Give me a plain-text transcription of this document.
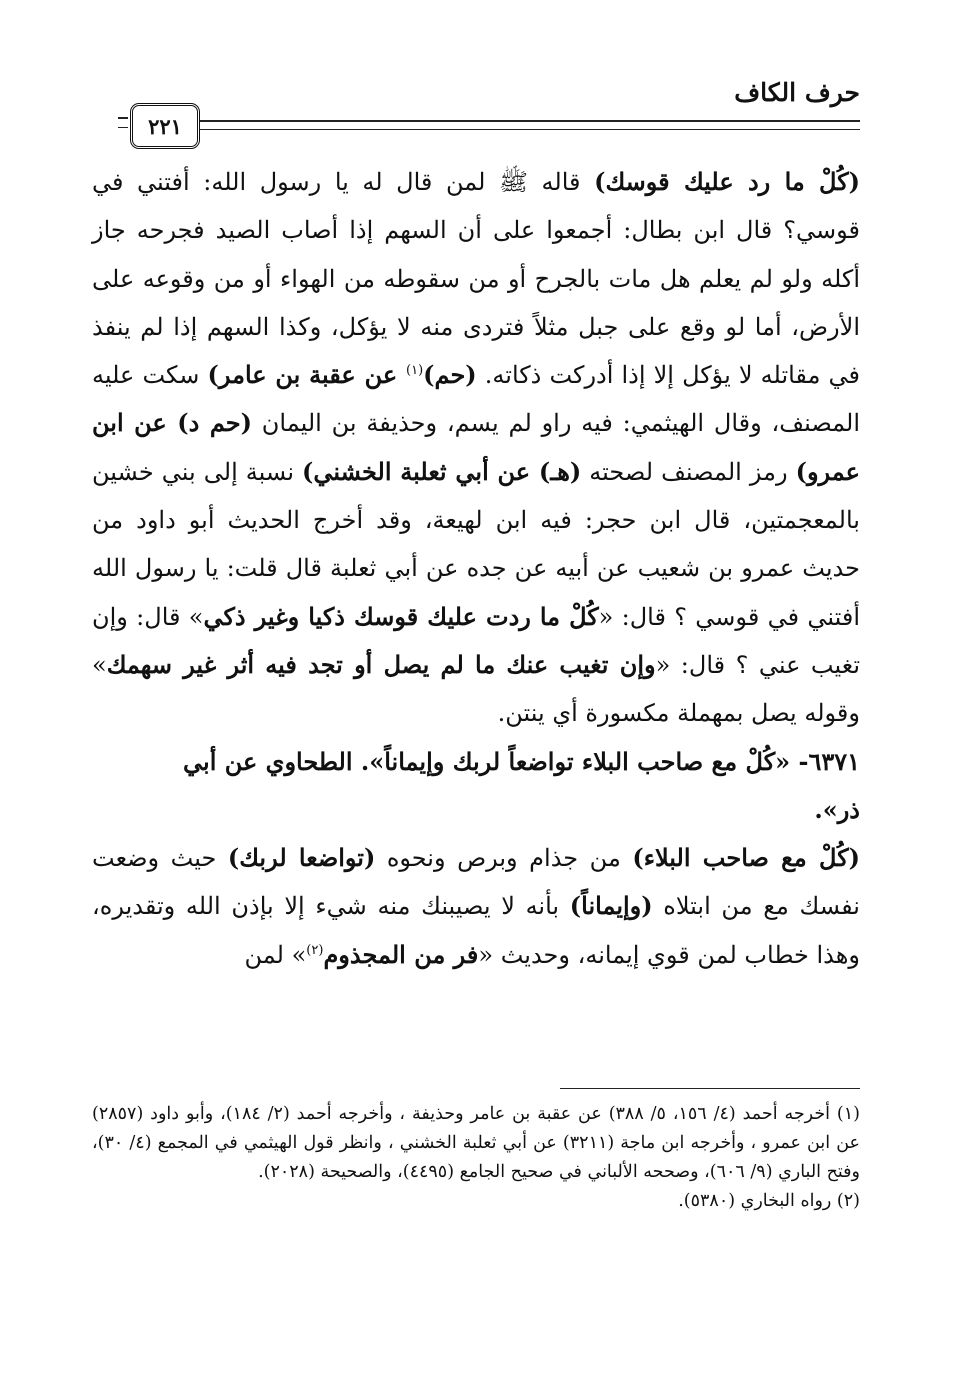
حرف الكاف
٢٢١

(كُلْ ما رد عليك قوسك) قاله ﷺ لمن قال له يا رسول الله: أفتني في قوسي؟ قال ابن بطال: أجمعوا على أن السهم إذا أصاب الصيد فجرحه جاز أكله ولو لم يعلم هل مات بالجرح أو من سقوطه من الهواء أو من وقوعه على الأرض، أما لو وقع على جبل مثلاً فتردى منه لا يؤكل، وكذا السهم إذا لم ينفذ في مقاتله لا يؤكل إلا إذا أدركت ذكاته. (حم)$^{(١)}$ عن عقبة بن عامر) سكت عليه المصنف، وقال الهيثمي: فيه راو لم يسم، وحذيفة بن اليمان (حم د) عن ابن عمرو) رمز المصنف لصحته (هـ) عن أبي ثعلبة الخشني) نسبة إلى بني خشين بالمعجمتين، قال ابن حجر: فيه ابن لهيعة، وقد أخرج الحديث أبو داود من حديث عمرو بن شعيب عن أبيه عن جده عن أبي ثعلبة قال قلت: يا رسول الله أفتني في قوسي ؟ قال: «كُلْ ما ردت عليك قوسك ذكيا وغير ذكي» قال: وإن تغيب عني ؟ قال: «وإن تغيب عنك ما لم يصل أو تجد فيه أثر غير سهمك» وقوله يصل بمهملة مكسورة أي ينتن.

٦٣٧١- «كُلْ مع صاحب البلاء تواضعاً لربك وإيماناً». الطحاوي عن أبي
ذر».

(كُلْ مع صاحب البلاء) من جذام وبرص ونحوه (تواضعا لربك) حيث وضعت نفسك مع من ابتلاه (وإيماناً) بأنه لا يصيبنك منه شيء إلا بإذن الله وتقديره، وهذا خطاب لمن قوي إيمانه، وحديث «فر من المجذوم$^{(٢)}$» لمن

(١) أخرجه أحمد (٤/ ١٥٦، ٥/ ٣٨٨) عن عقبة بن عامر وحذيفة ، وأخرجه أحمد (٢/ ١٨٤)، وأبو داود (٢٨٥٧) عن ابن عمرو ، وأخرجه ابن ماجة (٣٢١١) عن أبي ثعلبة الخشني ، وانظر قول الهيثمي في المجمع (٤/ ٣٠)، وفتح الباري (٩/ ٦٠٦)، وصححه الألباني في صحيح الجامع (٤٤٩٥)، والصحيحة (٢٠٢٨).

(٢) رواه البخاري (٥٣٨٠).
